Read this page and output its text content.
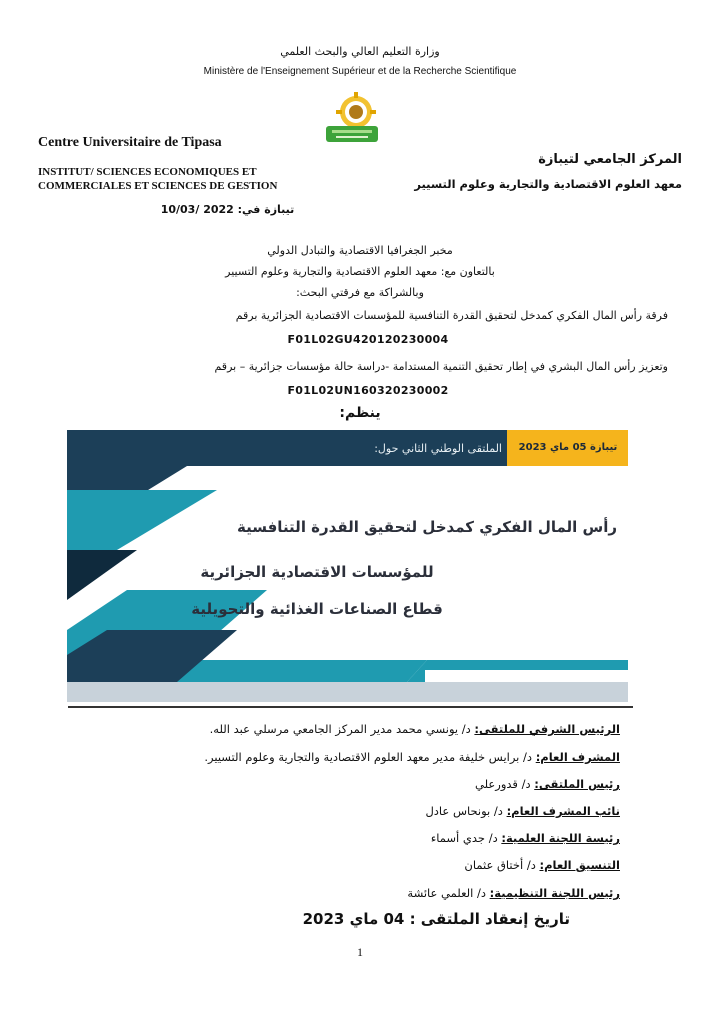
وزارة التعليم العالي والبحث العلمي
Ministère de l'Enseignement Supérieur et de la Recherche Scientifique
Centre Universitaire de Tipasa
INSTITUT/ SCIENCES ECONOMIQUES ET COMMERCIALES ET SCIENCES DE GESTION
المركز الجامعي لتيبازة
معهد العلوم الاقتصادية والتجارية وعلوم التسيير
تيبازة في: 2022 /10/03
مخبر الجغرافيا الاقتصادية والتبادل الدولي
بالتعاون مع: معهد العلوم الاقتصادية والتجارية وعلوم التسيير
وبالشراكة مع فرقتي البحث:
فرقة رأس المال الفكري كمدخل لتحقيق القدرة التنافسية للمؤسسات الاقتصادية الجزائرية برقم
F01L02GU420120230004
وتعزيز رأس المال البشري في إطار تحقيق التنمية المستدامة -دراسة حالة مؤسسات جزائرية – برقم
F01L02UN160320230002
ينظم:
تيبازة 05 ماي 2023
الملتقى الوطني الثاني حول:
رأس المال الفكري كمدخل لتحقيق القدرة التنافسية
للمؤسسات الاقتصادية الجزائرية
قطاع الصناعات الغذائية والتحويلية
الرئيس الشرفي للملتقى: د/ يونسي محمد مدير المركز الجامعي مرسلي عبد الله.
المشرف العام: د/ برايس خليفة مدير معهد العلوم الاقتصادية والتجارية وعلوم التسيير.
رئيس الملتقى: د/ قدورعلي
نائب المشرف العام: د/ بونحاس عادل
رئيسة اللجنة العلمية: د/ جدي أسماء
التنسيق العام: د/ أختاق عثمان
رئيس اللجنة التنظيمية: د/ العلمي عائشة
تاريخ إنعقاد الملتقى : 04 ماي 2023
1
